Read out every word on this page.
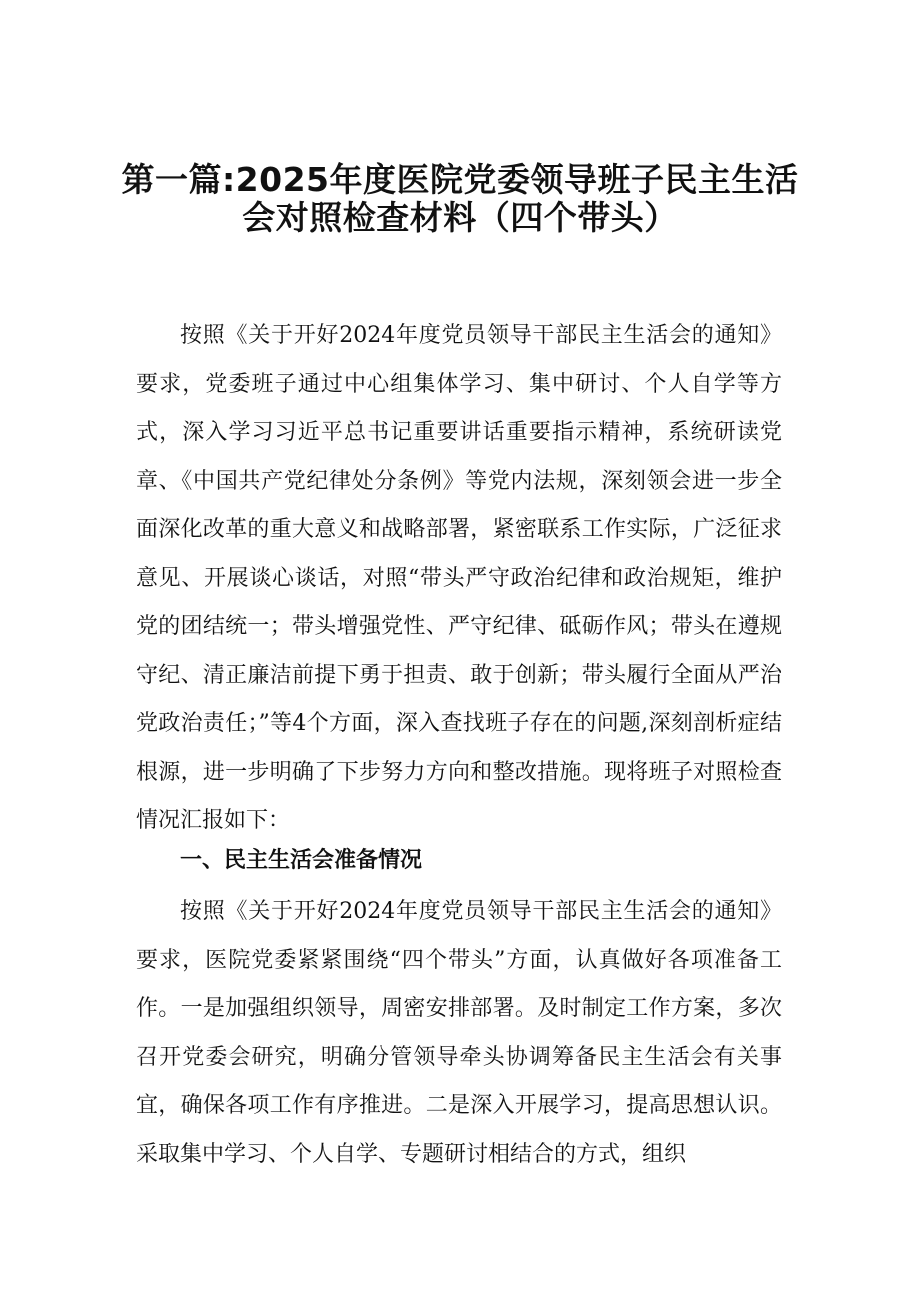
第一篇:2025年度医院党委领导班子民主生活
会对照检查材料（四个带头）

按照《关于开好2024年度党员领导干部民主生活会的通知》要求，党委班子通过中心组集体学习、集中研讨、个人自学等方式，深入学习习近平总书记重要讲话重要指示精神，系统研读党章、《中国共产党纪律处分条例》等党内法规，深刻领会进一步全面深化改革的重大意义和战略部署，紧密联系工作实际，广泛征求意见、开展谈心谈话，对照“带头严守政治纪律和政治规矩，维护党的团结统一；带头增强党性、严守纪律、砥砺作风；带头在遵规守纪、清正廉洁前提下勇于担责、敢于创新；带头履行全面从严治党政治责任；”等4个方面，深入查找班子存在的问题,深刻剖析症结根源，进一步明确了下步努力方向和整改措施。现将班子对照检查情况汇报如下：

一、民主生活会准备情况

按照《关于开好2024年度党员领导干部民主生活会的通知》要求，医院党委紧紧围绕“四个带头”方面，认真做好各项准备工作。一是加强组织领导，周密安排部署。及时制定工作方案，多次召开党委会研究，明确分管领导牵头协调筹备民主生活会有关事宜，确保各项工作有序推进。二是深入开展学习，提高思想认识。采取集中学习、个人自学、专题研讨相结合的方式，组织
